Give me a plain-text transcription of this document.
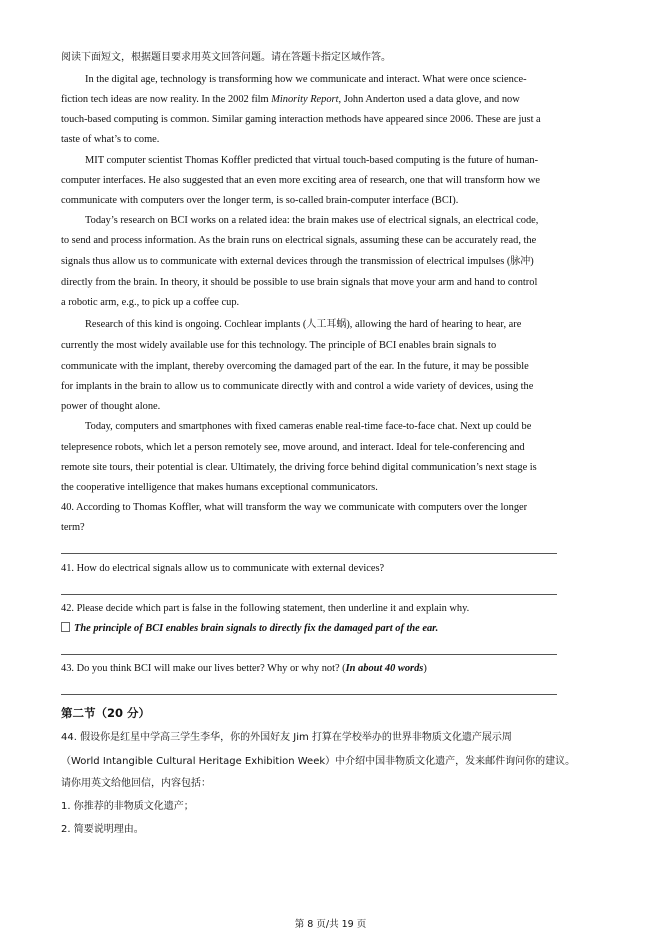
阅读下面短文，根据题目要求用英文回答问题。请在答题卡指定区域作答。
In the digital age, technology is transforming how we communicate and interact. What were once science-
fiction tech ideas are now reality. In the 2002 film Minority Report, John Anderton used a data glove, and now
touch-based computing is common. Similar gaming interaction methods have appeared since 2006. These are just a
taste of what’s to come.
MIT computer scientist Thomas Koffler predicted that virtual touch-based computing is the future of human-
computer interfaces. He also suggested that an even more exciting area of research, one that will transform how we
communicate with computers over the longer term, is so-called brain-computer interface (BCI).
Today’s research on BCI works on a related idea: the brain makes use of electrical signals, an electrical code,
to send and process information. As the brain runs on electrical signals, assuming these can be accurately read, the
signals thus allow us to communicate with external devices through the transmission of electrical impulses (脉冲)
directly from the brain. In theory, it should be possible to use brain signals that move your arm and hand to control
a robotic arm, e.g., to pick up a coffee cup.
Research of this kind is ongoing. Cochlear implants (人工耳蜗), allowing the hard of hearing to hear, are
currently the most widely available use for this technology. The principle of BCI enables brain signals to
communicate with the implant, thereby overcoming the damaged part of the ear. In the future, it may be possible
for implants in the brain to allow us to communicate directly with and control a wide variety of devices, using the
power of thought alone.
Today, computers and smartphones with fixed cameras enable real-time face-to-face chat. Next up could be
telepresence robots, which let a person remotely see, move around, and interact. Ideal for tele-conferencing and
remote site tours, their potential is clear. Ultimately, the driving force behind digital communication’s next stage is
the cooperative intelligence that makes humans exceptional communicators.
40. According to Thomas Koffler, what will transform the way we communicate with computers over the longer
term?
41. How do electrical signals allow us to communicate with external devices?
42. Please decide which part is false in the following statement, then underline it and explain why.
The principle of BCI enables brain signals to directly fix the damaged part of the ear.
43. Do you think BCI will make our lives better? Why or why not? (In about 40 words)
第二节（20 分）
44. 假设你是红星中学高三学生李华，你的外国好友 Jim 打算在学校举办的世界非物质文化遗产展示周
（World Intangible Cultural Heritage Exhibition Week）中介绍中国非物质文化遗产，发来邮件询问你的建议。
请你用英文给他回信，内容包括：
1. 你推荐的非物质文化遗产；
2. 简要说明理由。
第 8 页/共 19 页
